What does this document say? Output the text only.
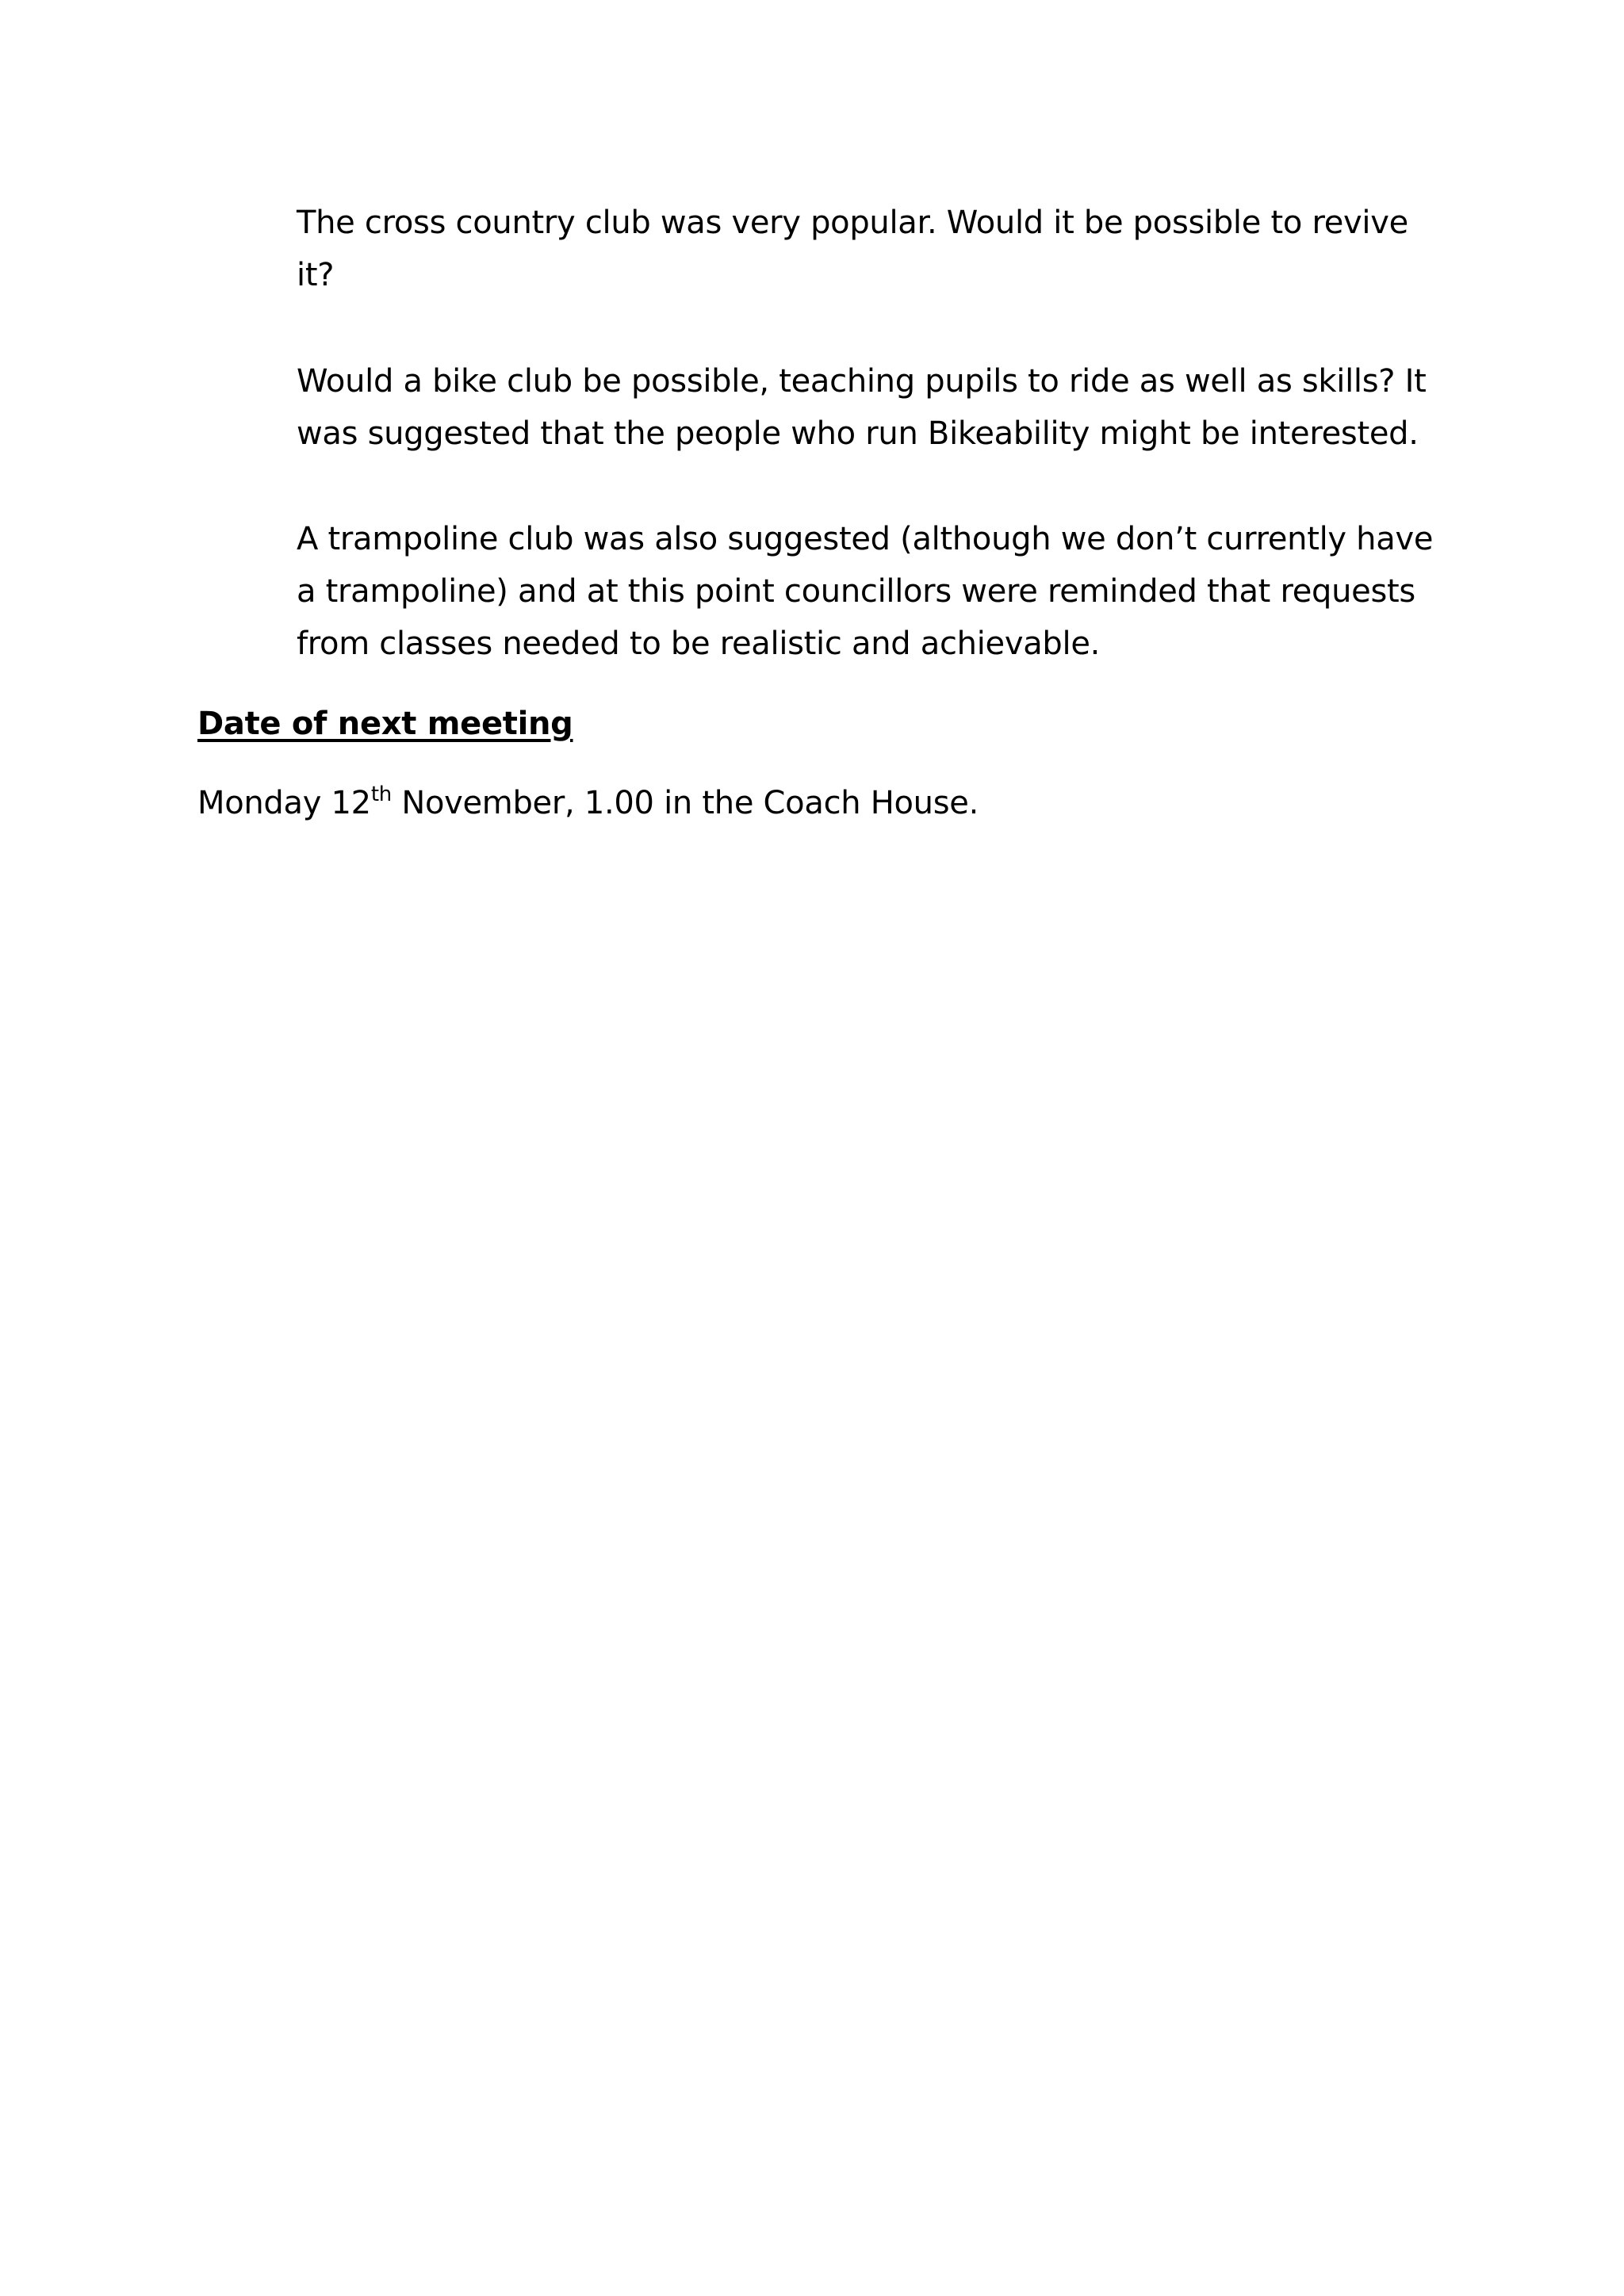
The cross country club was very popular. Would it be possible to revive it?

Would a bike club be possible, teaching pupils to ride as well as skills? It was suggested that the people who run Bikeability might be interested.

A trampoline club was also suggested (although we don’t currently have a trampoline) and at this point councillors were reminded that requests from classes needed to be realistic and achievable.

Date of next meeting

Monday 12th November, 1.00 in the Coach House.
